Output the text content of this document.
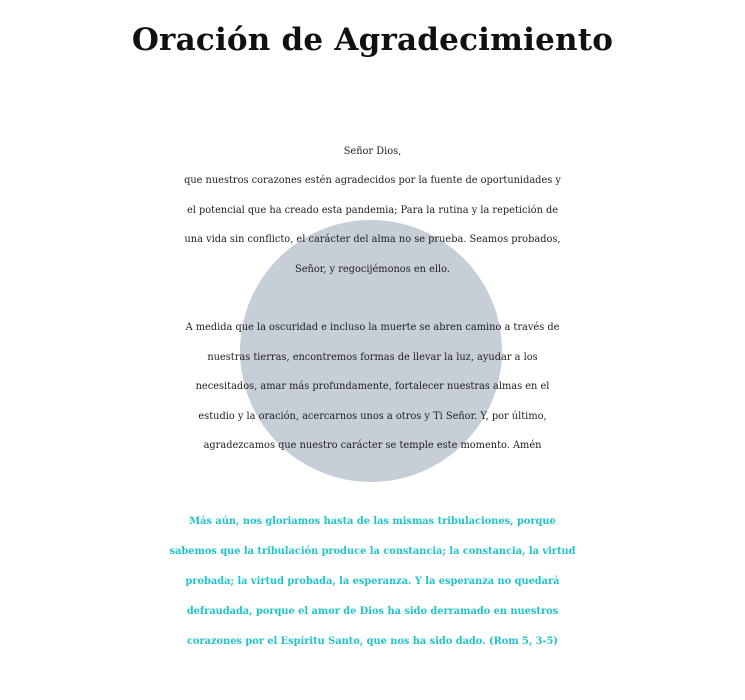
Oración de Agradecimiento

Señor Dios,
que nuestros corazones estén agradecidos por la fuente de oportunidades y
el potencial que ha creado esta pandemia; Para la rutina y la repetición de
una vida sin conflicto, el carácter del alma no se prueba. Seamos probados,
Señor, y regocijémonos en ello.

A medida que la oscuridad e incluso la muerte se abren camino a través de
nuestras tierras, encontremos formas de llevar la luz, ayudar a los
necesitados, amar más profundamente, fortalecer nuestras almas en el
estudio y la oración, acercarnos unos a otros y Ti Señor. Y, por último,
agradezcamos que nuestro carácter se temple este momento. Amén

Más aún, nos gloriamos hasta de las mismas tribulaciones, porque
sabemos que la tribulación produce la constancia; la constancia, la virtud
probada; la virtud probada, la esperanza. Y la esperanza no quedará
defraudada, porque el amor de Dios ha sido derramado en nuestros
corazones por el Espíritu Santo, que nos ha sido dado. (Rom 5, 3-5)
